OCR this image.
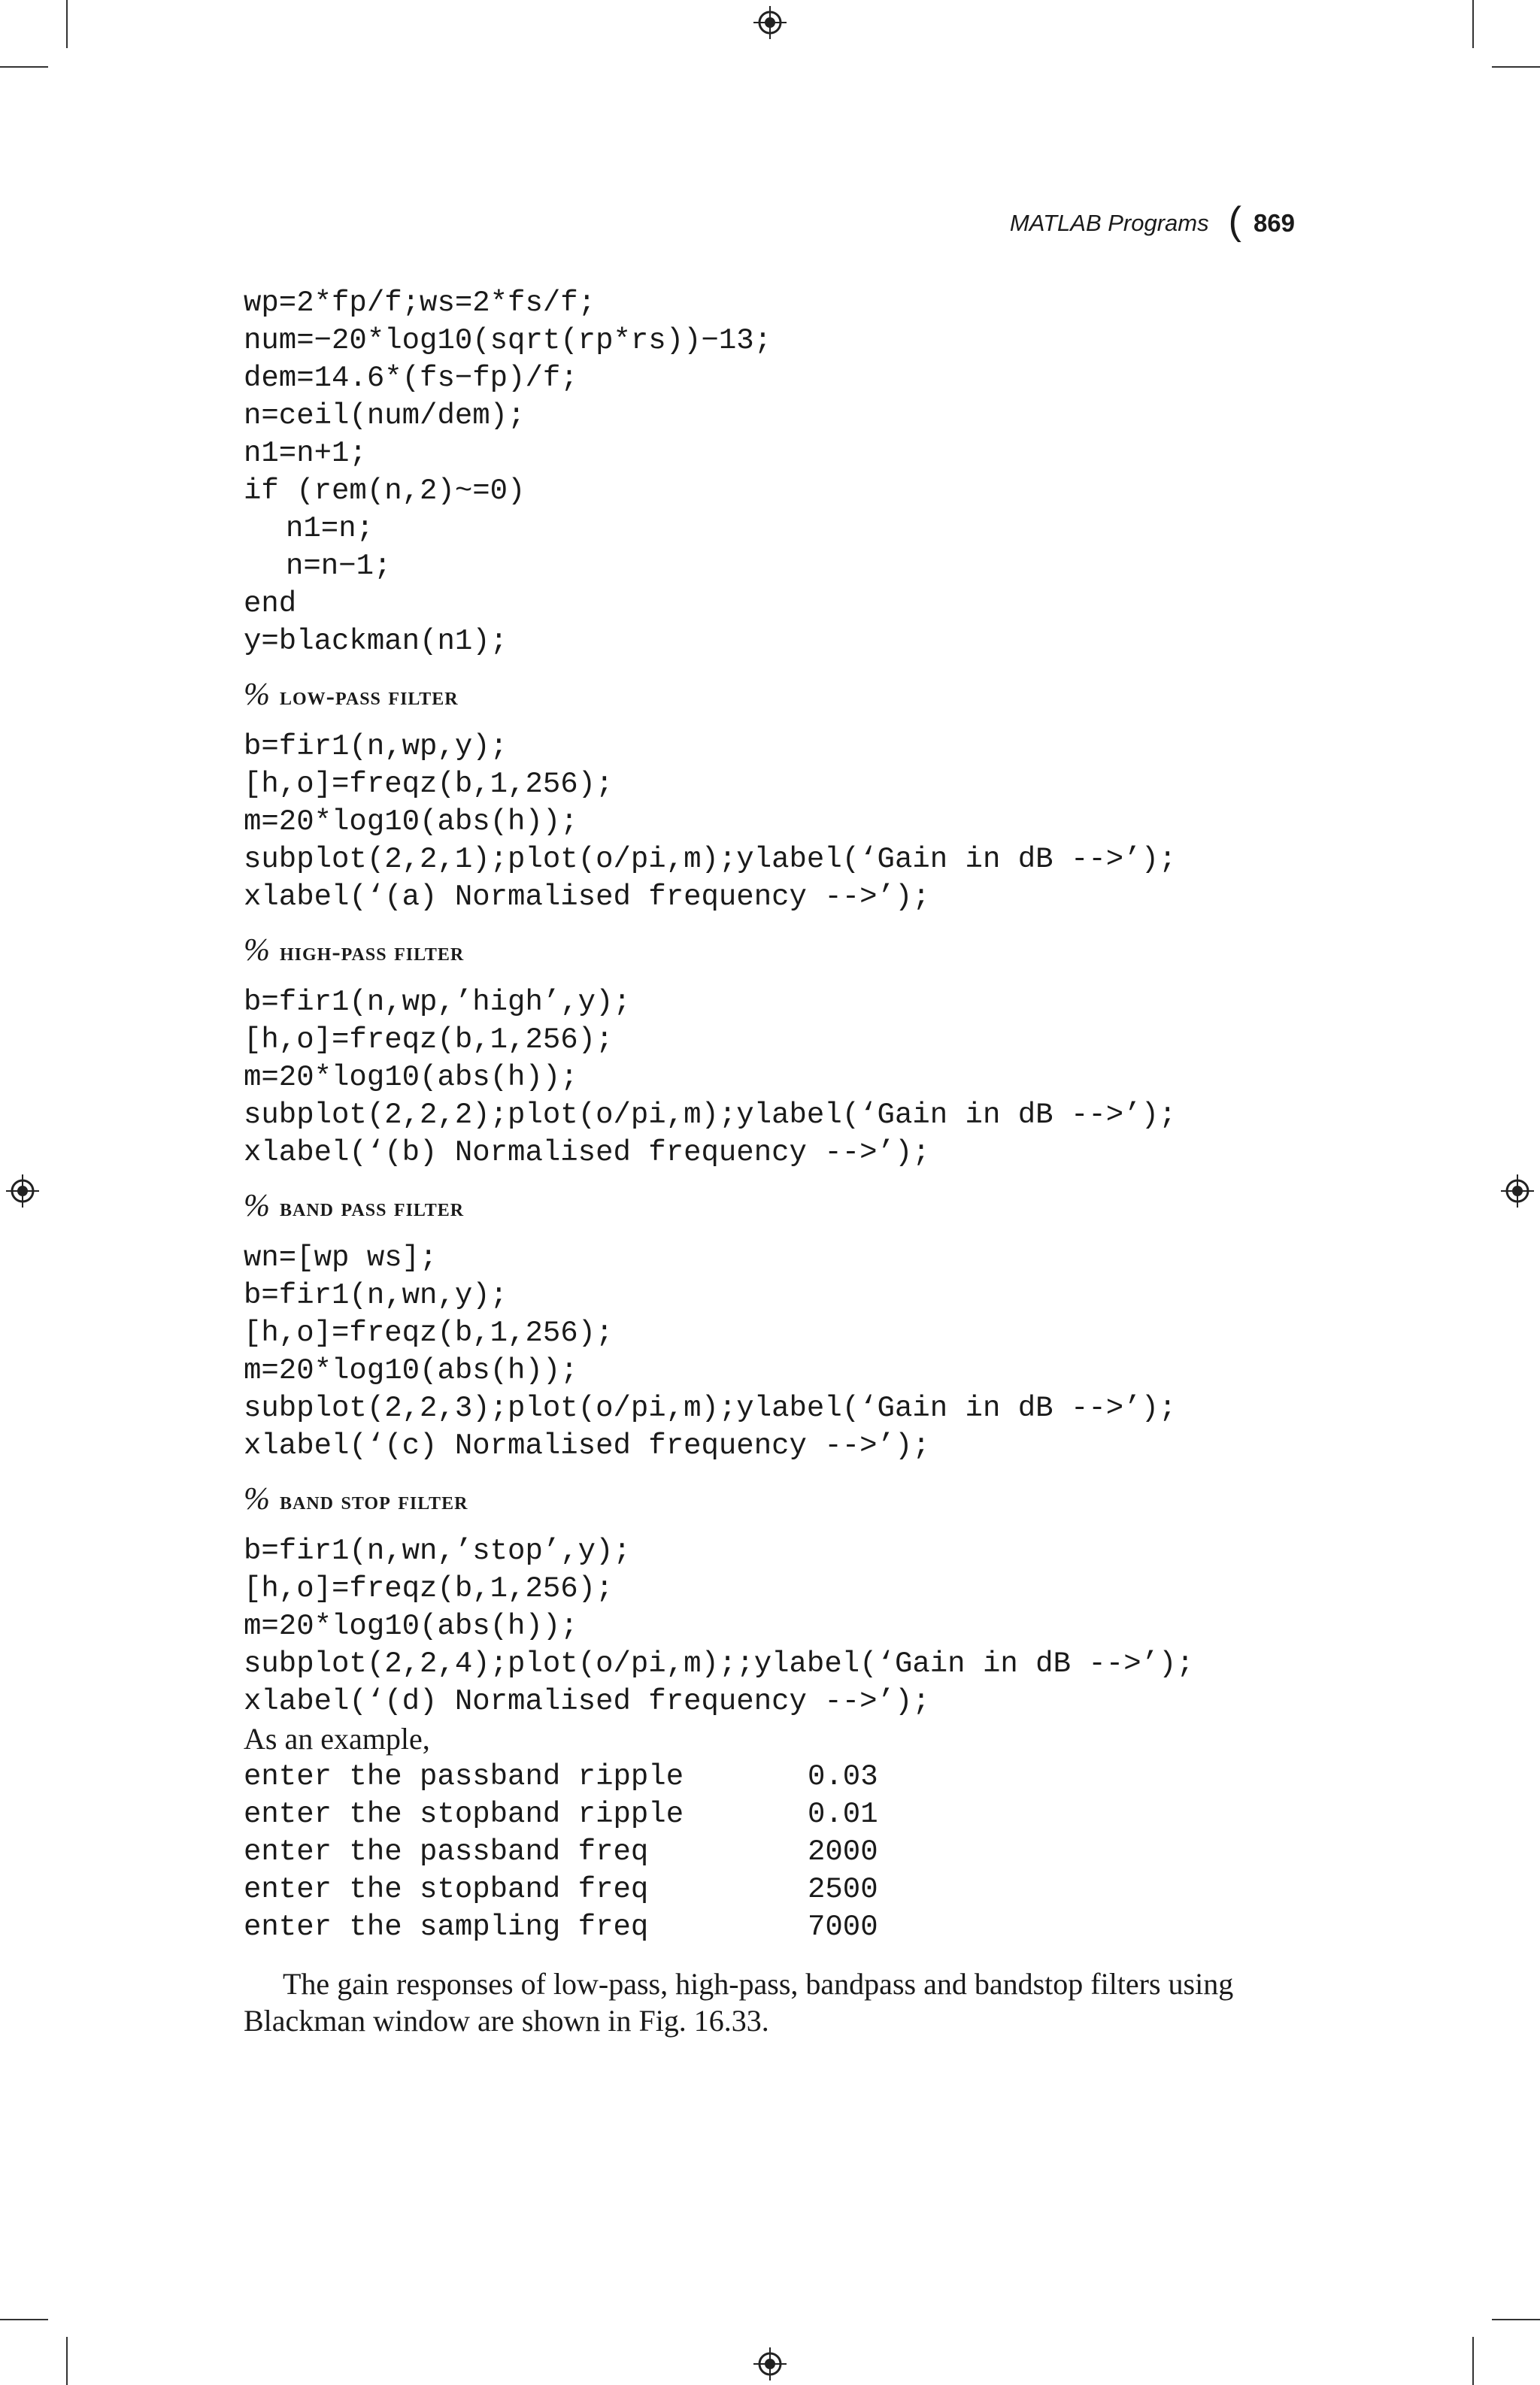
MATLAB Programs ( 869
wp=2*fp/f;ws=2*fs/f;
num=−20*log10(sqrt(rp*rs))−13;
dem=14.6*(fs−fp)/f;
n=ceil(num/dem);
n1=n+1;
if (rem(n,2)~=0)
n1=n;
n=n−1;
end
y=blackman(n1);
% low-pass filter
b=fir1(n,wp,y);
[h,o]=freqz(b,1,256);
m=20*log10(abs(h));
subplot(2,2,1);plot(o/pi,m);ylabel(‘Gain in dB -->’);
xlabel(‘(a) Normalised frequency -->’);
% high-pass filter
b=fir1(n,wp,’high’,y);
[h,o]=freqz(b,1,256);
m=20*log10(abs(h));
subplot(2,2,2);plot(o/pi,m);ylabel(‘Gain in dB -->’);
xlabel(‘(b) Normalised frequency -->’);
% band pass filter
wn=[wp ws];
b=fir1(n,wn,y);
[h,o]=freqz(b,1,256);
m=20*log10(abs(h));
subplot(2,2,3);plot(o/pi,m);ylabel(‘Gain in dB -->’);
xlabel(‘(c) Normalised frequency -->’);
% band stop filter
b=fir1(n,wn,’stop’,y);
[h,o]=freqz(b,1,256);
m=20*log10(abs(h));
subplot(2,2,4);plot(o/pi,m);;ylabel(‘Gain in dB -->’);
xlabel(‘(d) Normalised frequency -->’);
As an example,
enter the passband ripple	0.03
enter the stopband ripple	0.01
enter the passband freq	2000
enter the stopband freq	2500
enter the sampling freq	7000
The gain responses of low-pass, high-pass, bandpass and bandstop filters using Blackman window are shown in Fig. 16.33.
